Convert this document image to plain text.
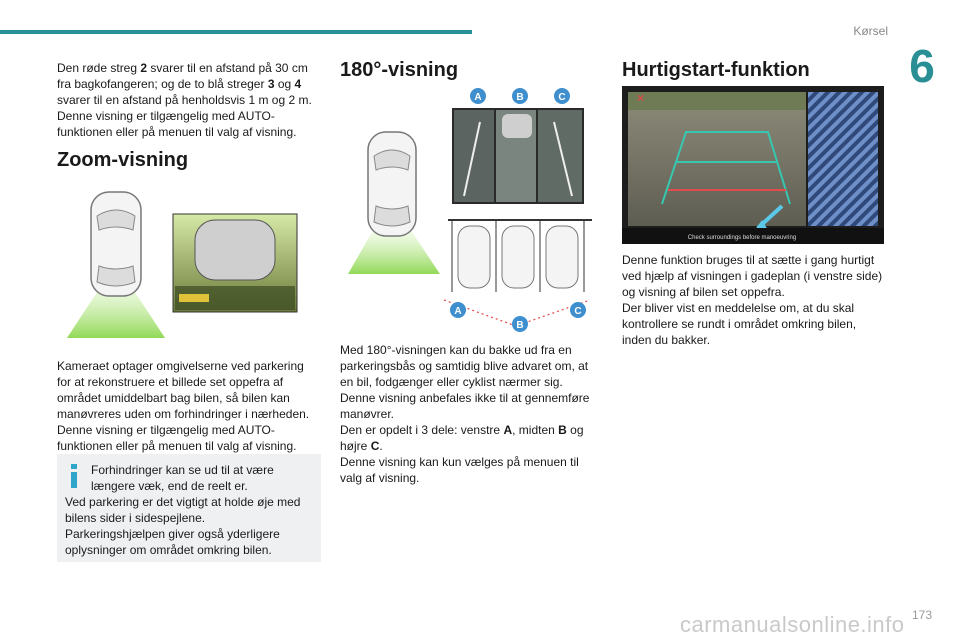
Kørsel
6

Den røde streg 2 svarer til en afstand på 30 cm fra bagkofangeren; og de to blå streger 3 og 4 svarer til en afstand på henholdsvis 1 m og 2 m.

Denne visning er tilgængelig med AUTO-funktionen eller på menuen til valg af visning.

Zoom-visning

Kameraet optager omgivelserne ved parkering for at rekonstruere et billede set oppefra af området umiddelbart bag bilen, så bilen kan manøvreres uden om forhindringer i nærheden.

Denne visning er tilgængelig med AUTO-funktionen eller på menuen til valg af visning.

Forhindringer kan se ud til at være længere væk, end de reelt er.

Ved parkering er det vigtigt at holde øje med bilens sider i sidespejlene.

Parkeringshjælpen giver også yderligere oplysninger om området omkring bilen.

180°-visning
A	B	C
A
B
C

Med 180°-visningen kan du bakke ud fra en parkeringsbås og samtidig blive advaret om, at en bil, fodgænger eller cyklist nærmer sig.

Denne visning anbefales ikke til at gennemføre manøvrer.

Den er opdelt i 3 dele: venstre A, midten B og højre C.

Denne visning kan kun vælges på menuen til valg af visning.

Hurtigstart-funktion
✕
Check surroundings before manoeuvring

Denne funktion bruges til at sætte i gang hurtigt ved hjælp af visningen i gadeplan (i venstre side) og visning af bilen set oppefra.

Der bliver vist en meddelelse om, at du skal kontrollere se rundt i området omkring bilen, inden du bakker.

carmanualsonline.info 173
